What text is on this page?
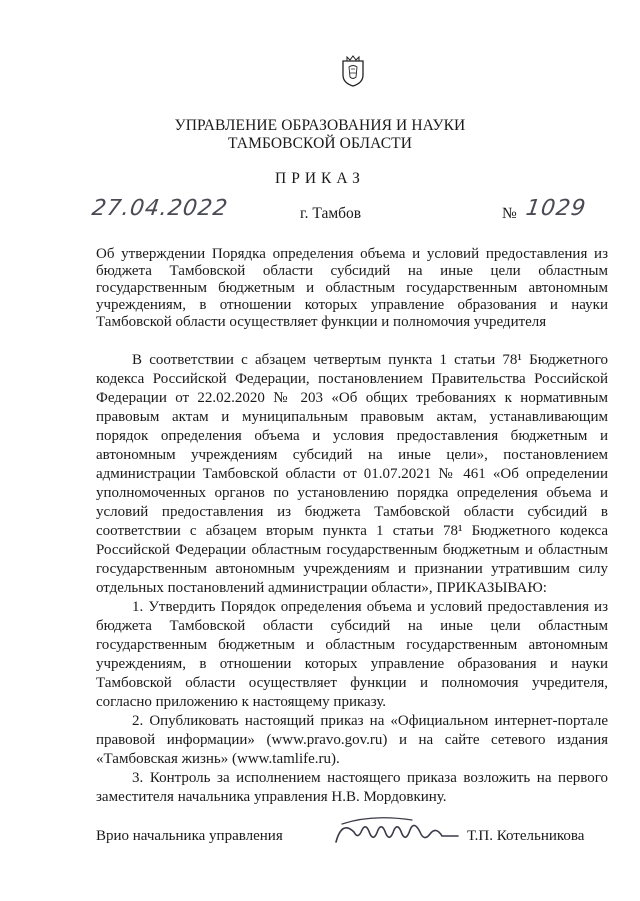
УПРАВЛЕНИЕ ОБРАЗОВАНИЯ И НАУКИ
ТАМБОВСКОЙ ОБЛАСТИ
ПРИКАЗ
27.04.2022	г. Тамбов	№ 1029
Об утверждении Порядка определения объема и условий предоставления из
бюджета Тамбовской области субсидий на иные цели областным
государственным бюджетным и областным государственным автономным
учреждениям, в отношении которых управление образования и науки
Тамбовской области осуществляет функции и полномочия учредителя
В соответствии с абзацем четвертым пункта 1 статьи 78¹ Бюджетного
кодекса Российской Федерации, постановлением Правительства Российской
Федерации от 22.02.2020 № 203 «Об общих требованиях к нормативным
правовым актам и муниципальным правовым актам, устанавливающим
порядок определения объема и условия предоставления бюджетным и
автономным учреждениям субсидий на иные цели», постановлением
администрации Тамбовской области от 01.07.2021 № 461 «Об определении
уполномоченных органов по установлению порядка определения объема и
условий предоставления из бюджета Тамбовской области субсидий в
соответствии с абзацем вторым пункта 1 статьи 78¹ Бюджетного кодекса
Российской Федерации областным государственным бюджетным и областным
государственным автономным учреждениям и признании утратившим силу
отдельных постановлений администрации области», ПРИКАЗЫВАЮ:
1. Утвердить Порядок определения объема и условий предоставления из
бюджета Тамбовской области субсидий на иные цели областным
государственным бюджетным и областным государственным автономным
учреждениям, в отношении которых управление образования и науки
Тамбовской области осуществляет функции и полномочия учредителя,
согласно приложению к настоящему приказу.
2. Опубликовать настоящий приказ на «Официальном интернет-портале
правовой информации» (www.pravo.gov.ru) и на сайте сетевого издания
«Тамбовская жизнь» (www.tamlife.ru).
3. Контроль за исполнением настоящего приказа возложить на первого
заместителя начальника управления Н.В. Мордовкину.
Врио начальника управления	Т.П. Котельникова
